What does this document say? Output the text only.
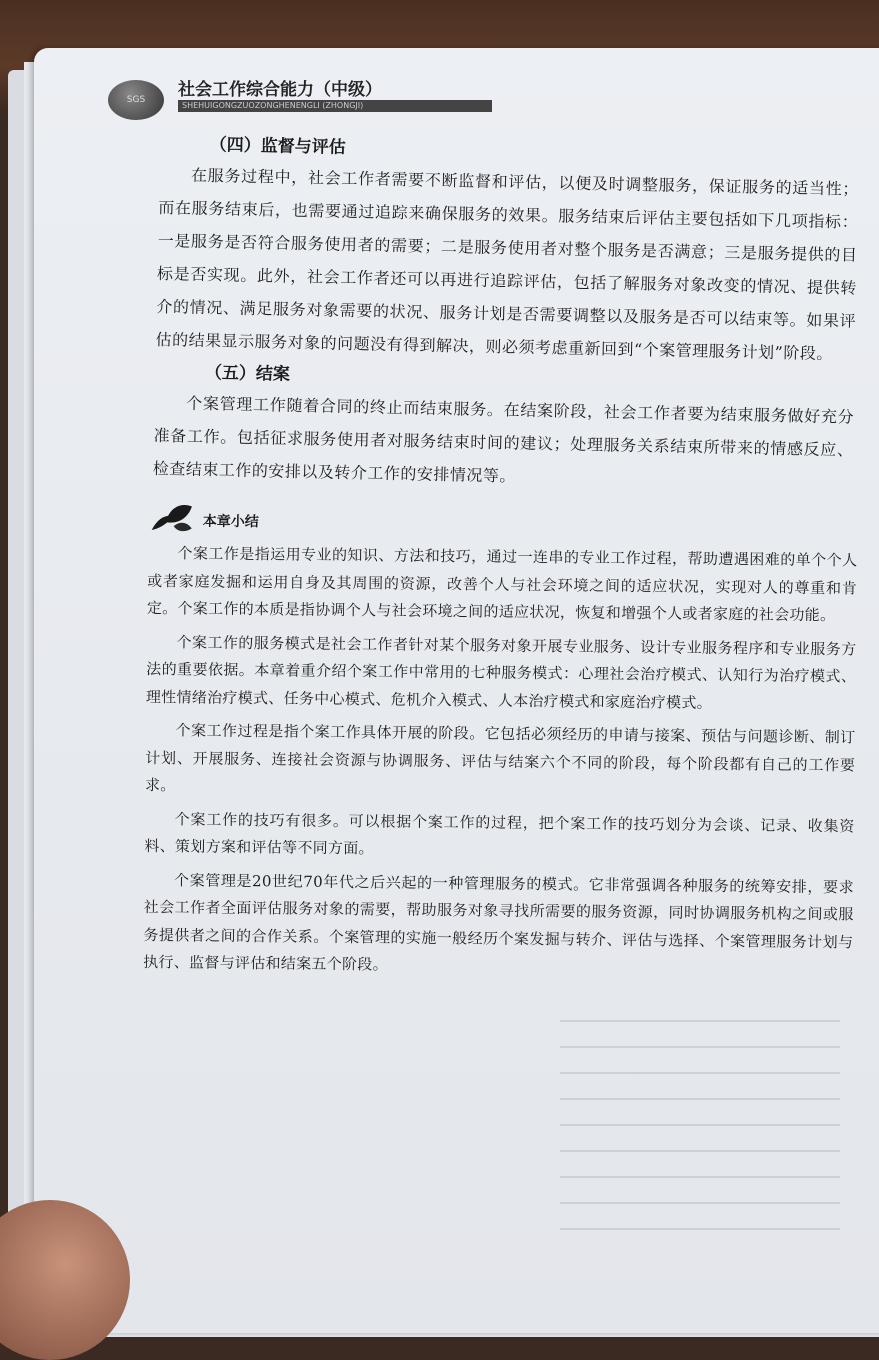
SGS	社会工作综合能力（中级）
SHEHUIGONGZUOZONGHENENGLI (ZHONGJI)
（四）监督与评估

在服务过程中，社会工作者需要不断监督和评估，以便及时调整服务，保证服务的适当性；而在服务结束后，也需要通过追踪来确保服务的效果。服务结束后评估主要包括如下几项指标：一是服务是否符合服务使用者的需要；二是服务使用者对整个服务是否满意；三是服务提供的目标是否实现。此外，社会工作者还可以再进行追踪评估，包括了解服务对象改变的情况、提供转介的情况、满足服务对象需要的状况、服务计划是否需要调整以及服务是否可以结束等。如果评估的结果显示服务对象的问题没有得到解决，则必须考虑重新回到“个案管理服务计划”阶段。

（五）结案

个案管理工作随着合同的终止而结束服务。在结案阶段，社会工作者要为结束服务做好充分准备工作。包括征求服务使用者对服务结束时间的建议；处理服务关系结束所带来的情感反应、检查结束工作的安排以及转介工作的安排情况等。

本章小结

个案工作是指运用专业的知识、方法和技巧，通过一连串的专业工作过程，帮助遭遇困难的单个个人或者家庭发掘和运用自身及其周围的资源，改善个人与社会环境之间的适应状况，实现对人的尊重和肯定。个案工作的本质是指协调个人与社会环境之间的适应状况，恢复和增强个人或者家庭的社会功能。

个案工作的服务模式是社会工作者针对某个服务对象开展专业服务、设计专业服务程序和专业服务方法的重要依据。本章着重介绍个案工作中常用的七种服务模式：心理社会治疗模式、认知行为治疗模式、理性情绪治疗模式、任务中心模式、危机介入模式、人本治疗模式和家庭治疗模式。

个案工作过程是指个案工作具体开展的阶段。它包括必须经历的申请与接案、预估与问题诊断、制订计划、开展服务、连接社会资源与协调服务、评估与结案六个不同的阶段，每个阶段都有自己的工作要求。

个案工作的技巧有很多。可以根据个案工作的过程，把个案工作的技巧划分为会谈、记录、收集资料、策划方案和评估等不同方面。

个案管理是20世纪70年代之后兴起的一种管理服务的模式。它非常强调各种服务的统筹安排，要求社会工作者全面评估服务对象的需要，帮助服务对象寻找所需要的服务资源，同时协调服务机构之间或服务提供者之间的合作关系。个案管理的实施一般经历个案发掘与转介、评估与选择、个案管理服务计划与执行、监督与评估和结案五个阶段。
